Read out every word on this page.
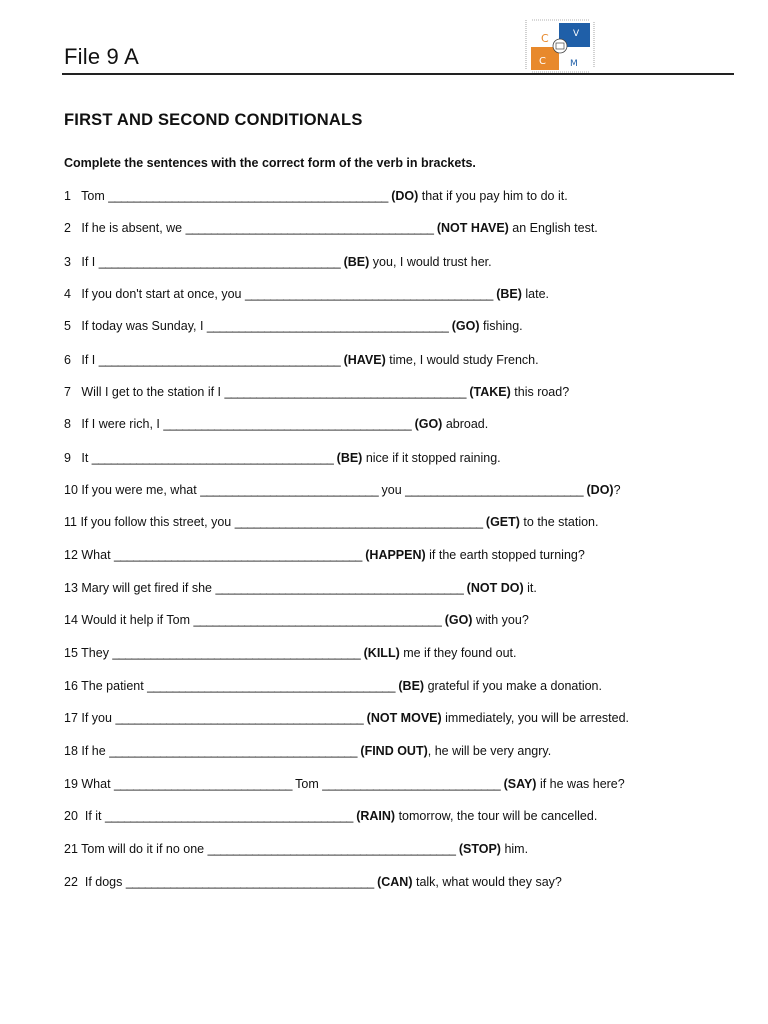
File 9 A
C	V
C	M
FIRST AND SECOND CONDITIONALS
Complete the sentences with the correct form of the verb in brackets.
1   Tom ____________________________________________ (DO) that if you pay him to do it.
2   If he is absent, we _______________________________________ (NOT HAVE) an English test.
3   If I ______________________________________ (BE) you, I would trust her.
4   If you don't start at once, you _______________________________________ (BE) late.
5   If today was Sunday, I ______________________________________ (GO) fishing.
6   If I ______________________________________ (HAVE) time, I would study French.
7   Will I get to the station if I ______________________________________ (TAKE) this road?
8   If I were rich, I _______________________________________ (GO) abroad.
9   It ______________________________________ (BE) nice if it stopped raining.
10 If you were me, what ____________________________ you ____________________________ (DO)?
11 If you follow this street, you _______________________________________ (GET) to the station.
12 What _______________________________________ (HAPPEN) if the earth stopped turning?
13 Mary will get fired if she _______________________________________ (NOT DO) it.
14 Would it help if Tom _______________________________________ (GO) with you?
15 They _______________________________________ (KILL) me if they found out.
16 The patient _______________________________________ (BE) grateful if you make a donation.
17 If you _______________________________________ (NOT MOVE) immediately, you will be arrested.
18 If he _______________________________________ (FIND OUT), he will be very angry.
19 What ____________________________ Tom ____________________________ (SAY) if he was here?
20  If it _______________________________________ (RAIN) tomorrow, the tour will be cancelled.
21 Tom will do it if no one _______________________________________ (STOP) him.
22  If dogs _______________________________________ (CAN) talk, what would they say?
